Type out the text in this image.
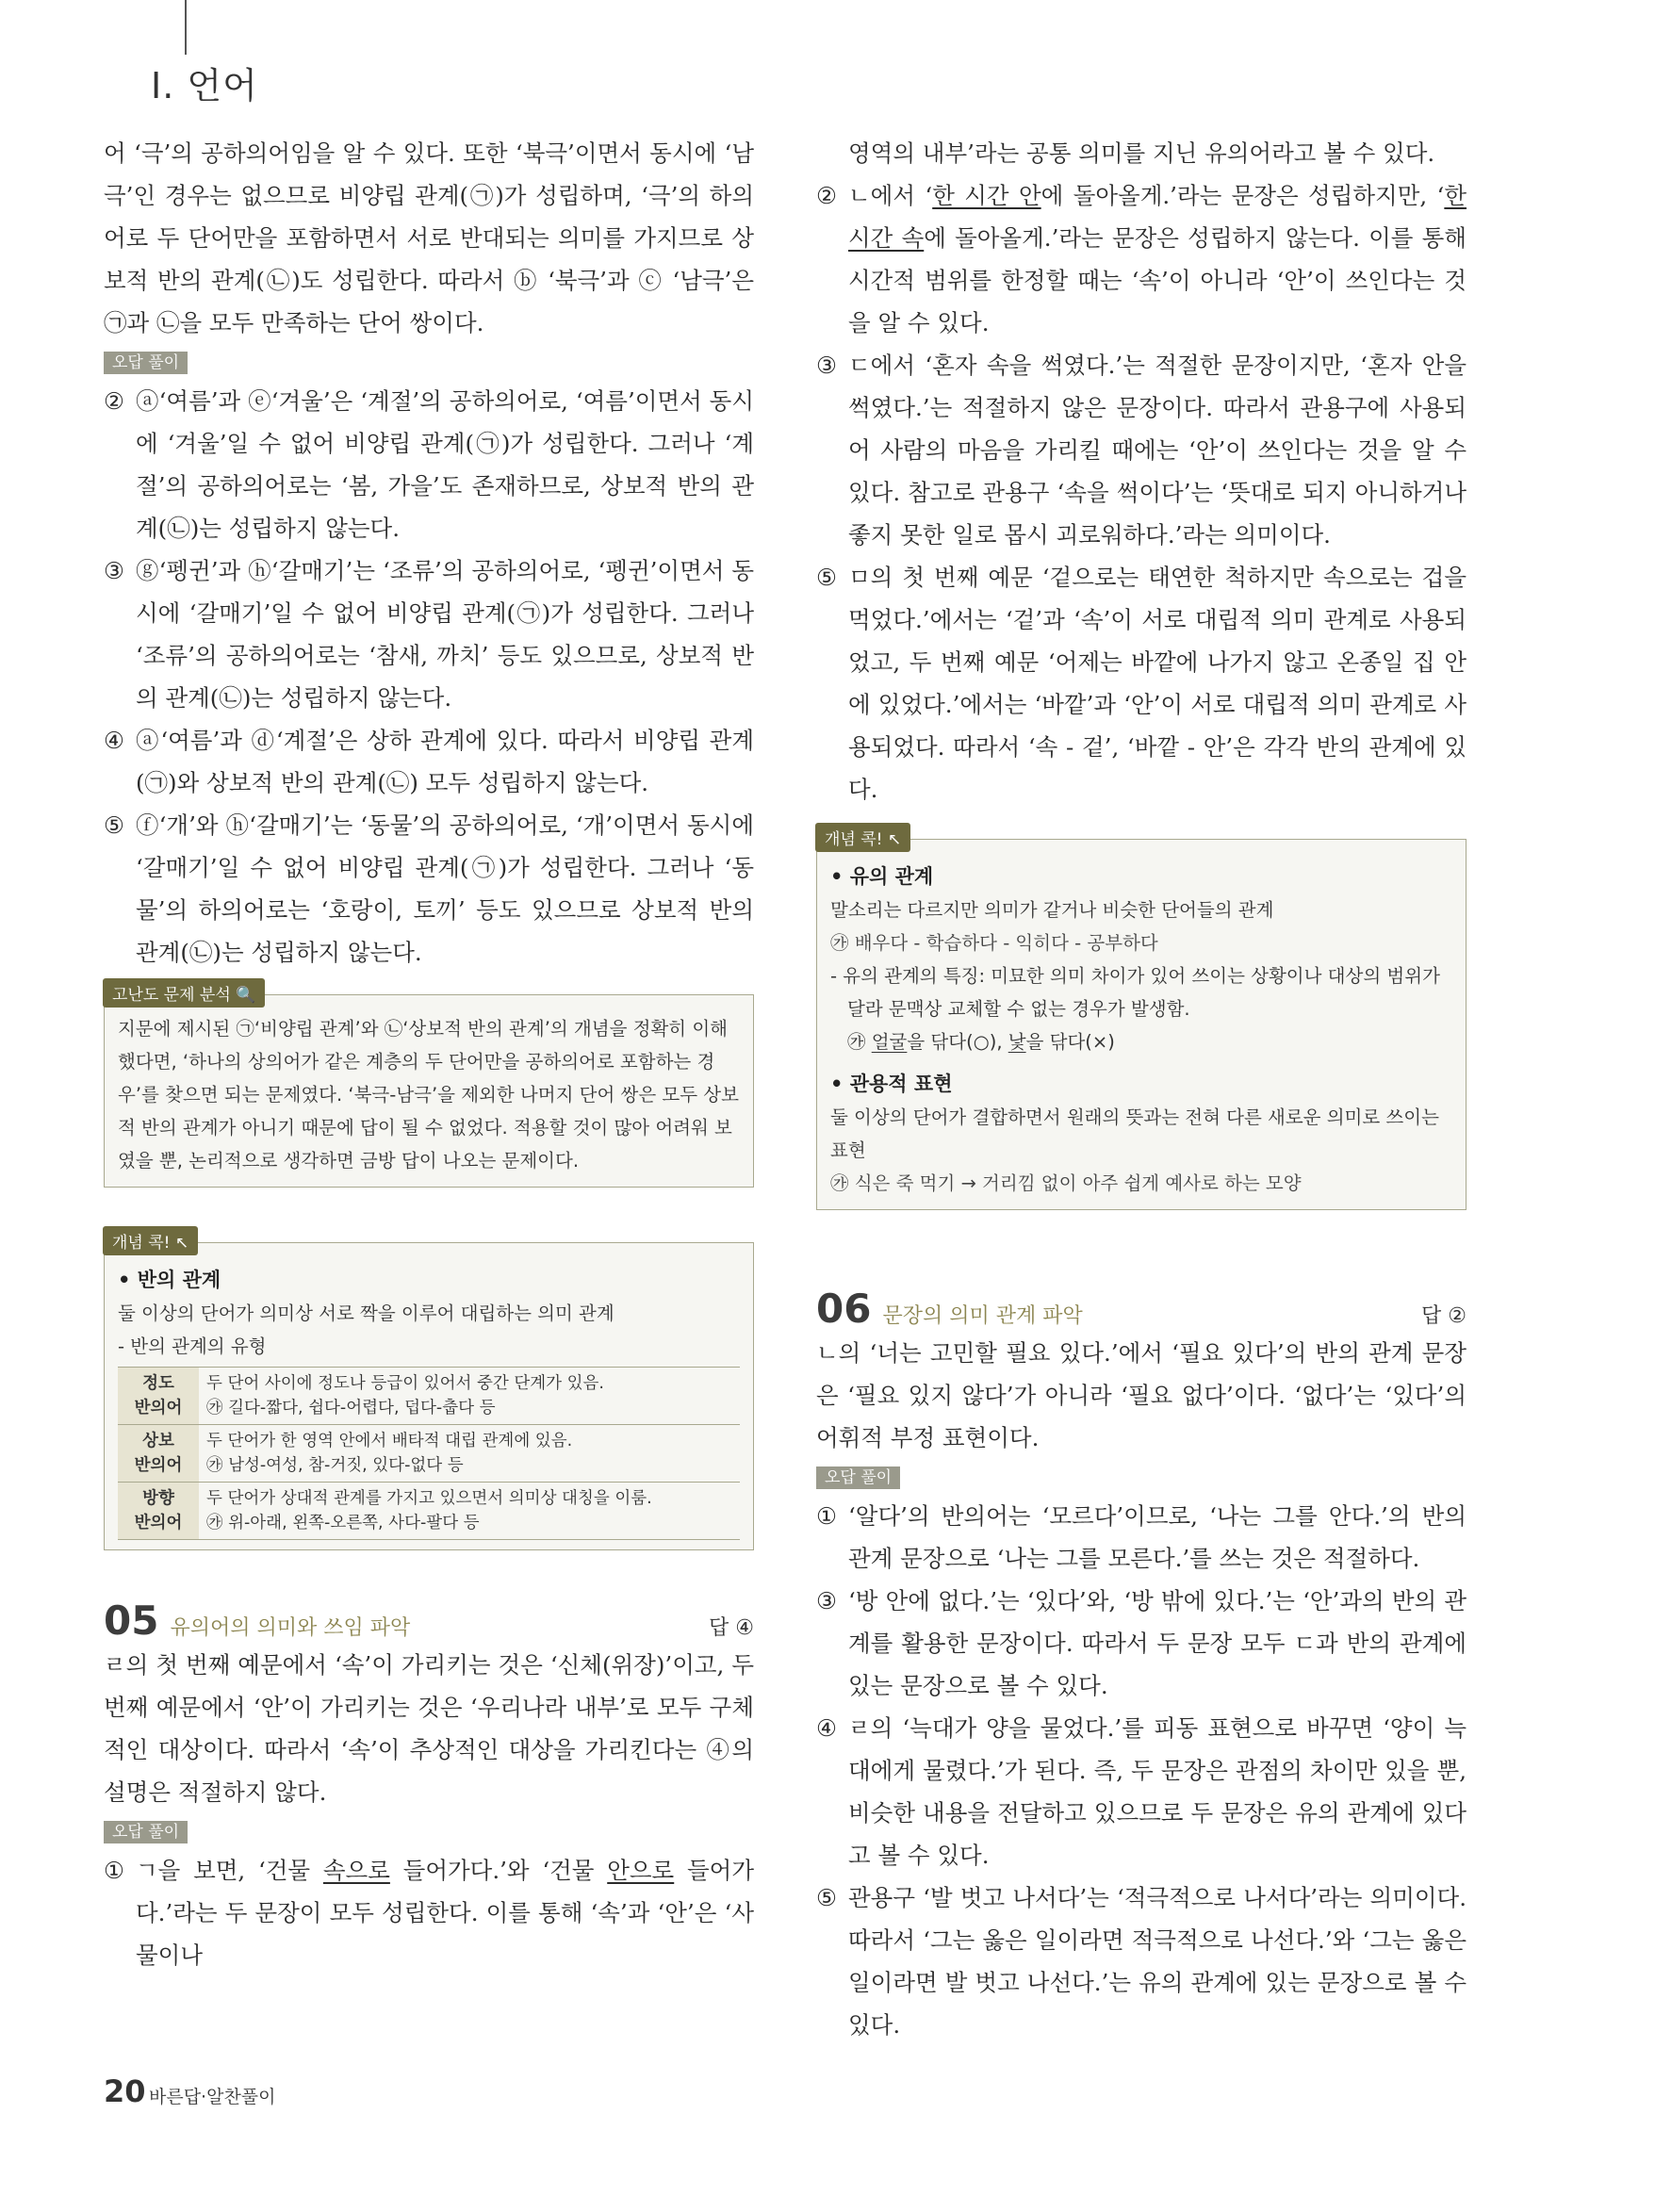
Ⅰ. 언어

어 ‘극’의 공하의어임을 알 수 있다. 또한 ‘북극’이면서 동시에 ‘남극’인 경우는 없으므로 비양립 관계(㉠)가 성립하며, ‘극’의 하의어로 두 단어만을 포함하면서 서로 반대되는 의미를 가지므로 상보적 반의 관계(㉡)도 성립한다. 따라서 ⓑ ‘북극’과 ⓒ ‘남극’은 ㉠과 ㉡을 모두 만족하는 단어 쌍이다.

오답 풀이

② ⓐ‘여름’과 ⓔ‘겨울’은 ‘계절’의 공하의어로, ‘여름’이면서 동시에 ‘겨울’일 수 없어 비양립 관계(㉠)가 성립한다. 그러나 ‘계절’의 공하의어로는 ‘봄, 가을’도 존재하므로, 상보적 반의 관계(㉡)는 성립하지 않는다.

③ ⓖ‘펭귄’과 ⓗ‘갈매기’는 ‘조류’의 공하의어로, ‘펭귄’이면서 동시에 ‘갈매기’일 수 없어 비양립 관계(㉠)가 성립한다. 그러나 ‘조류’의 공하의어로는 ‘참새, 까치’ 등도 있으므로, 상보적 반의 관계(㉡)는 성립하지 않는다.

④ ⓐ‘여름’과 ⓓ‘계절’은 상하 관계에 있다. 따라서 비양립 관계(㉠)와 상보적 반의 관계(㉡) 모두 성립하지 않는다.

⑤ ⓕ‘개’와 ⓗ‘갈매기’는 ‘동물’의 공하의어로, ‘개’이면서 동시에 ‘갈매기’일 수 없어 비양립 관계(㉠)가 성립한다. 그러나 ‘동물’의 하의어로는 ‘호랑이, 토끼’ 등도 있으므로 상보적 반의 관계(㉡)는 성립하지 않는다.

고난도 문제 분석 🔍
지문에 제시된 ㉠‘비양립 관계’와 ㉡‘상보적 반의 관계’의 개념을 정확히 이해했다면, ‘하나의 상의어가 같은 계층의 두 단어만을 공하의어로 포함하는 경우’를 찾으면 되는 문제였다. ‘북극-남극’을 제외한 나머지 단어 쌍은 모두 상보적 반의 관계가 아니기 때문에 답이 될 수 없었다. 적용할 것이 많아 어려워 보였을 뿐, 논리적으로 생각하면 금방 답이 나오는 문제이다.
개념 콕! ↖
• 반의 관계
둘 이상의 단어가 의미상 서로 짝을 이루어 대립하는 의미 관계
- 반의 관계의 유형
정도
반의어	두 단어 사이에 정도나 등급이 있어서 중간 단계가 있음.
㉮ 길다-짧다, 쉽다-어렵다, 덥다-춥다 등
상보
반의어	두 단어가 한 영역 안에서 배타적 대립 관계에 있음.
㉮ 남성-여성, 참-거짓, 있다-없다 등
방향
반의어	두 단어가 상대적 관계를 가지고 있으면서 의미상 대칭을 이룸.
㉮ 위-아래, 왼쪽-오른쪽, 사다-팔다 등
05 유의어의 의미와 쓰임 파악	답 ④

ㄹ의 첫 번째 예문에서 ‘속’이 가리키는 것은 ‘신체(위장)’이고, 두 번째 예문에서 ‘안’이 가리키는 것은 ‘우리나라 내부’로 모두 구체적인 대상이다. 따라서 ‘속’이 추상적인 대상을 가리킨다는 ④의 설명은 적절하지 않다.

오답 풀이

① ㄱ을 보면, ‘건물 속으로 들어가다.’와 ‘건물 안으로 들어가다.’라는 두 문장이 모두 성립한다. 이를 통해 ‘속’과 ‘안’은 ‘사물이나

영역의 내부’라는 공통 의미를 지닌 유의어라고 볼 수 있다.

② ㄴ에서 ‘한 시간 안에 돌아올게.’라는 문장은 성립하지만, ‘한 시간 속에 돌아올게.’라는 문장은 성립하지 않는다. 이를 통해 시간적 범위를 한정할 때는 ‘속’이 아니라 ‘안’이 쓰인다는 것을 알 수 있다.

③ ㄷ에서 ‘혼자 속을 썩였다.’는 적절한 문장이지만, ‘혼자 안을 썩였다.’는 적절하지 않은 문장이다. 따라서 관용구에 사용되어 사람의 마음을 가리킬 때에는 ‘안’이 쓰인다는 것을 알 수 있다. 참고로 관용구 ‘속을 썩이다’는 ‘뜻대로 되지 아니하거나 좋지 못한 일로 몹시 괴로워하다.’라는 의미이다.

⑤ ㅁ의 첫 번째 예문 ‘겉으로는 태연한 척하지만 속으로는 겁을 먹었다.’에서는 ‘겉’과 ‘속’이 서로 대립적 의미 관계로 사용되었고, 두 번째 예문 ‘어제는 바깥에 나가지 않고 온종일 집 안에 있었다.’에서는 ‘바깥’과 ‘안’이 서로 대립적 의미 관계로 사용되었다. 따라서 ‘속 - 겉’, ‘바깥 - 안’은 각각 반의 관계에 있다.

개념 콕! ↖
• 유의 관계
말소리는 다르지만 의미가 같거나 비슷한 단어들의 관계
㉮ 배우다 - 학습하다 - 익히다 - 공부하다
- 유의 관계의 특징: 미묘한 의미 차이가 있어 쓰이는 상황이나 대상의 범위가 달라 문맥상 교체할 수 없는 경우가 발생함.
㉮ 얼굴을 닦다(○), 낯을 닦다(×)
• 관용적 표현
둘 이상의 단어가 결합하면서 원래의 뜻과는 전혀 다른 새로운 의미로 쓰이는 표현
㉮ 식은 죽 먹기 → 거리낌 없이 아주 쉽게 예사로 하는 모양
06 문장의 의미 관계 파악	답 ②

ㄴ의 ‘너는 고민할 필요 있다.’에서 ‘필요 있다’의 반의 관계 문장은 ‘필요 있지 않다’가 아니라 ‘필요 없다’이다. ‘없다’는 ‘있다’의 어휘적 부정 표현이다.

오답 풀이

① ‘알다’의 반의어는 ‘모르다’이므로, ‘나는 그를 안다.’의 반의 관계 문장으로 ‘나는 그를 모른다.’를 쓰는 것은 적절하다.

③ ‘방 안에 없다.’는 ‘있다’와, ‘방 밖에 있다.’는 ‘안’과의 반의 관계를 활용한 문장이다. 따라서 두 문장 모두 ㄷ과 반의 관계에 있는 문장으로 볼 수 있다.

④ ㄹ의 ‘늑대가 양을 물었다.’를 피동 표현으로 바꾸면 ‘양이 늑대에게 물렸다.’가 된다. 즉, 두 문장은 관점의 차이만 있을 뿐, 비슷한 내용을 전달하고 있으므로 두 문장은 유의 관계에 있다고 볼 수 있다.

⑤ 관용구 ‘발 벗고 나서다’는 ‘적극적으로 나서다’라는 의미이다. 따라서 ‘그는 옳은 일이라면 적극적으로 나선다.’와 ‘그는 옳은 일이라면 발 벗고 나선다.’는 유의 관계에 있는 문장으로 볼 수 있다.

20 바른답·알찬풀이
